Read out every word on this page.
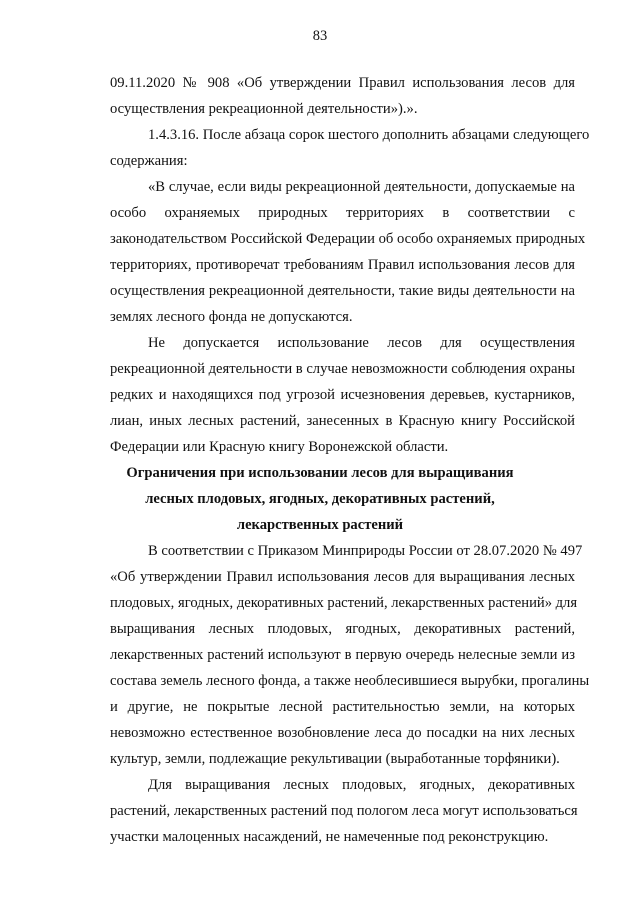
83
09.11.2020 № 908 «Об утверждении Правил использования лесов для
осуществления рекреационной деятельности»).».
1.4.3.16. После абзаца сорок шестого дополнить абзацами следующего
содержания:
«В случае, если виды рекреационной деятельности, допускаемые на
особо охраняемых природных территориях в соответствии с
законодательством Российской Федерации об особо охраняемых природных
территориях, противоречат требованиям Правил использования лесов для
осуществления рекреационной деятельности, такие виды деятельности на
землях лесного фонда не допускаются.
Не допускается использование лесов для осуществления
рекреационной деятельности в случае невозможности соблюдения охраны
редких и находящихся под угрозой исчезновения деревьев, кустарников,
лиан, иных лесных растений, занесенных в Красную книгу Российской
Федерации или Красную книгу Воронежской области.
Ограничения при использовании лесов для выращивания
лесных плодовых, ягодных, декоративных растений,
лекарственных растений
В соответствии с Приказом Минприроды России от 28.07.2020 № 497
«Об утверждении Правил использования лесов для выращивания лесных
плодовых, ягодных, декоративных растений, лекарственных растений» для
выращивания лесных плодовых, ягодных, декоративных растений,
лекарственных растений используют в первую очередь нелесные земли из
состава земель лесного фонда, а также необлесившиеся вырубки, прогалины
и другие, не покрытые лесной растительностью земли, на которых
невозможно естественное возобновление леса до посадки на них лесных
культур, земли, подлежащие рекультивации (выработанные торфяники).
Для выращивания лесных плодовых, ягодных, декоративных
растений, лекарственных растений под пологом леса могут использоваться
участки малоценных насаждений, не намеченные под реконструкцию.
